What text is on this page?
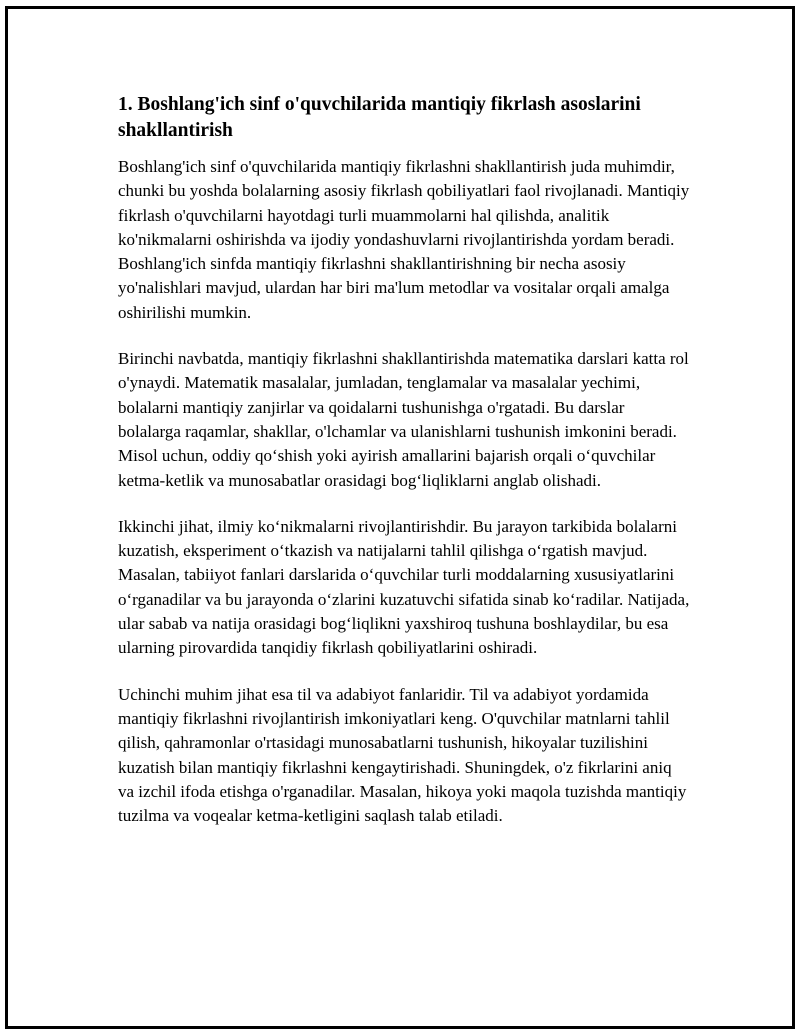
1. Boshlang'ich sinf o'quvchilarida mantiqiy fikrlash asoslarini shakllantirish

Boshlang'ich sinf o'quvchilarida mantiqiy fikrlashni shakllantirish juda muhimdir, chunki bu yoshda bolalarning asosiy fikrlash qobiliyatlari faol rivojlanadi. Mantiqiy fikrlash o'quvchilarni hayotdagi turli muammolarni hal qilishda, analitik ko'nikmalarni oshirishda va ijodiy yondashuvlarni rivojlantirishda yordam beradi. Boshlang'ich sinfda mantiqiy fikrlashni shakllantirishning bir necha asosiy yo'nalishlari mavjud, ulardan har biri ma'lum metodlar va vositalar orqali amalga oshirilishi mumkin.

Birinchi navbatda, mantiqiy fikrlashni shakllantirishda matematika darslari katta rol o'ynaydi. Matematik masalalar, jumladan, tenglamalar va masalalar yechimi, bolalarni mantiqiy zanjirlar va qoidalarni tushunishga o'rgatadi. Bu darslar bolalarga raqamlar, shakllar, o'lchamlar va ulanishlarni tushunish imkonini beradi. Misol uchun, oddiy qo‘shish yoki ayirish amallarini bajarish orqali o‘quvchilar ketma-ketlik va munosabatlar orasidagi bog‘liqliklarni anglab olishadi.

Ikkinchi jihat, ilmiy ko‘nikmalarni rivojlantirishdir. Bu jarayon tarkibida bolalarni kuzatish, eksperiment o‘tkazish va natijalarni tahlil qilishga o‘rgatish mavjud. Masalan, tabiiyot fanlari darslarida o‘quvchilar turli moddalarning xususiyatlarini o‘rganadilar va bu jarayonda o‘zlarini kuzatuvchi sifatida sinab ko‘radilar. Natijada, ular sabab va natija orasidagi bog‘liqlikni yaxshiroq tushuna boshlaydilar, bu esa ularning pirovardida tanqidiy fikrlash qobiliyatlarini oshiradi.

Uchinchi muhim jihat esa til va adabiyot fanlaridir. Til va adabiyot yordamida mantiqiy fikrlashni rivojlantirish imkoniyatlari keng. O'quvchilar matnlarni tahlil qilish, qahramonlar o'rtasidagi munosabatlarni tushunish, hikoyalar tuzilishini kuzatish bilan mantiqiy fikrlashni kengaytirishadi. Shuningdek, o'z fikrlarini aniq va izchil ifoda etishga o'rganadilar. Masalan, hikoya yoki maqola tuzishda mantiqiy tuzilma va voqealar ketma-ketligini saqlash talab etiladi.
